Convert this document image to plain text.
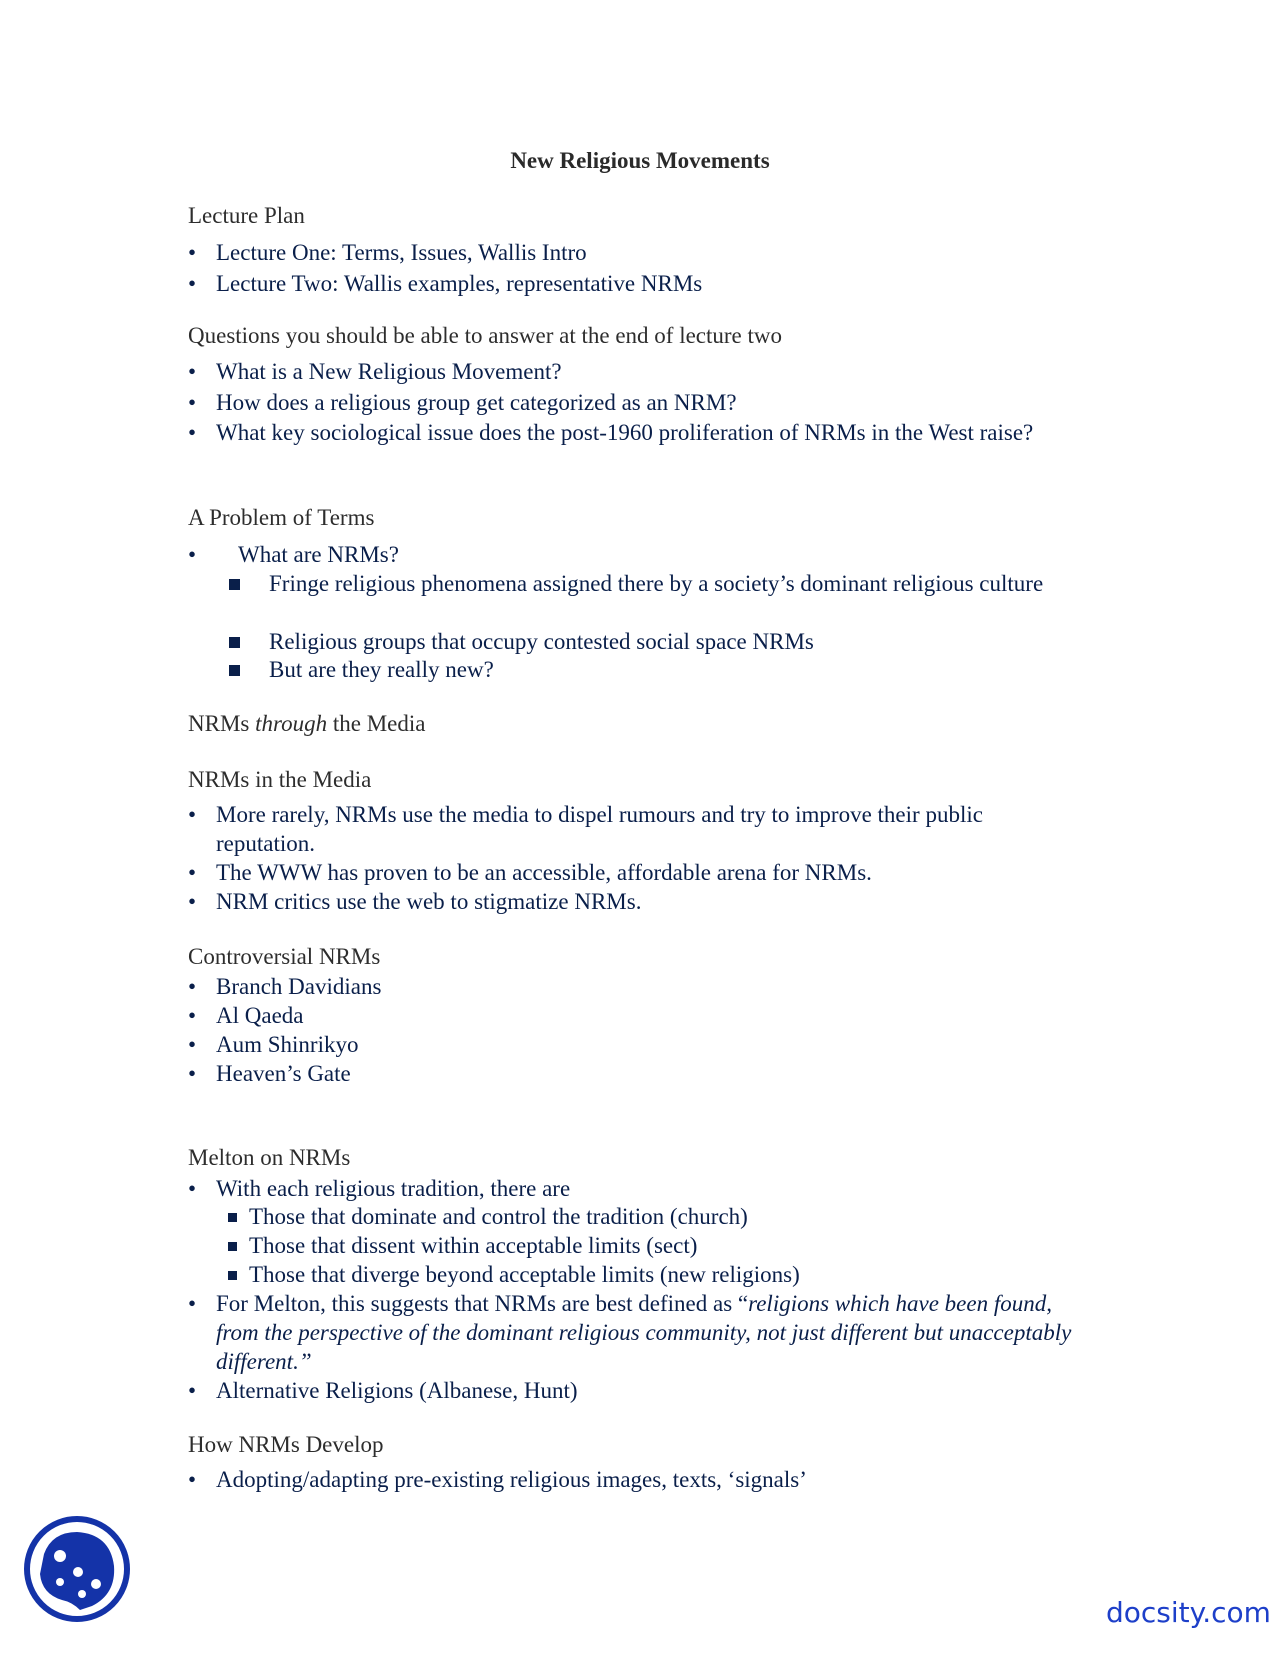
New Religious Movements
Lecture Plan
• Lecture One: Terms, Issues, Wallis Intro
• Lecture Two: Wallis examples, representative NRMs
Questions you should be able to answer at the end of lecture two
• What is a New Religious Movement?
• How does a religious group get categorized as an NRM?
• What key sociological issue does the post-1960 proliferation of NRMs in the West raise?
A Problem of Terms
•	What are NRMs?
Fringe religious phenomena assigned there by a society’s dominant religious culture
Religious groups that occupy contested social space NRMs
But are they really new?
NRMs through the Media
NRMs in the Media
• More rarely, NRMs use the media to dispel rumours and try to improve their public reputation.
• The WWW has proven to be an accessible, affordable arena for NRMs.
• NRM critics use the web to stigmatize NRMs.
Controversial NRMs
• Branch Davidians
• Al Qaeda
• Aum Shinrikyo
• Heaven’s Gate
Melton on NRMs
• With each religious tradition, there are
Those that dominate and control the tradition (church)
Those that dissent within acceptable limits (sect)
Those that diverge beyond acceptable limits (new religions)
• For Melton, this suggests that NRMs are best defined as “religions which have been found, from the perspective of the dominant religious community, not just different but unacceptably different.”
• Alternative Religions (Albanese, Hunt)
How NRMs Develop
• Adopting/adapting pre-existing religious images, texts, ‘signals’
docsity.com
